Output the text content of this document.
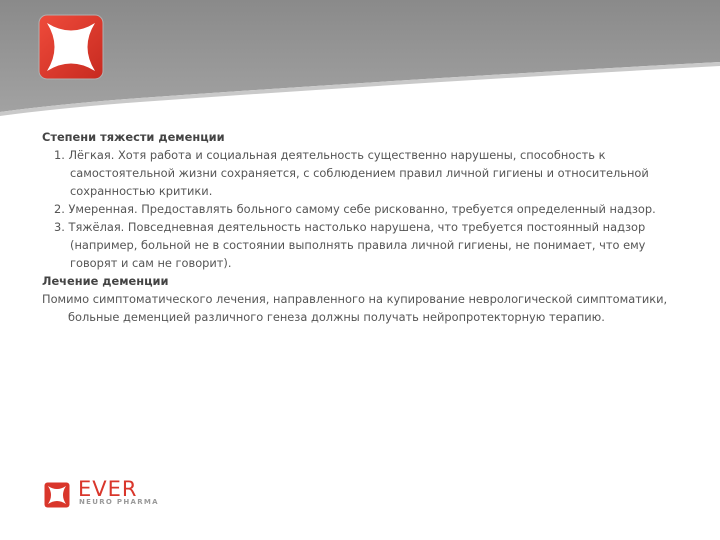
Степени тяжести деменции
1. Лёгкая. Хотя работа и социальная деятельность существенно нарушены, способность к самостоятельной жизни сохраняется, с соблюдением правил личной гигиены и относительной сохранностью критики.
2. Умеренная. Предоставлять больного самому себе рискованно, требуется определенный надзор.
3. Тяжёлая. Повседневная деятельность настолько нарушена, что требуется постоянный надзор (например, больной не в состоянии выполнять правила личной гигиены, не понимает, что ему говорят и сам не говорит).
Лечение деменции
Помимо симптоматического лечения, направленного на купирование неврологической симптоматики, больные деменцией различного генеза должны получать нейропротекторную терапию.
EVER
NEURO PHARMA
